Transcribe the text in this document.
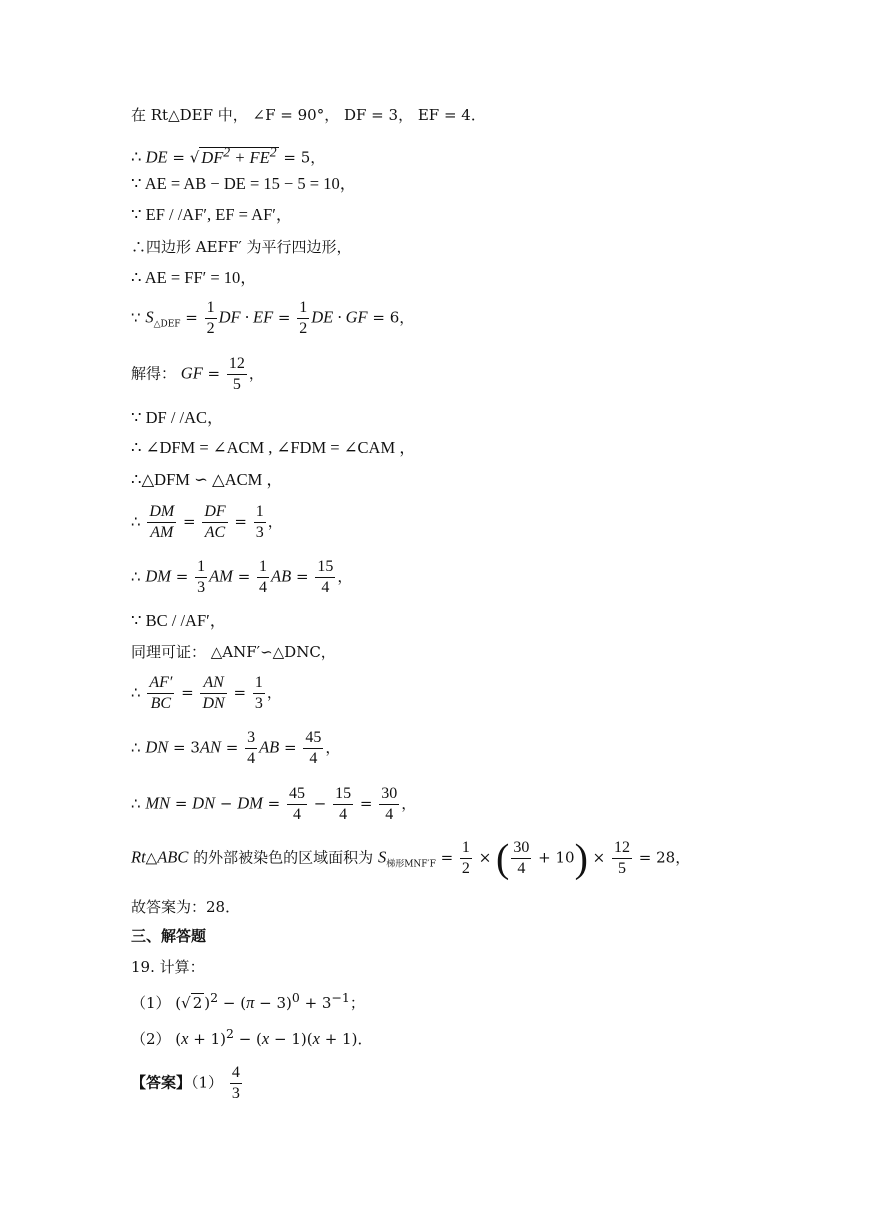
在 Rt△DEF 中， ∠F = 90°， DF = 3， EF = 4．
∴ DE = √ $DF^2 + FE^2 = 5$，
∵ AE = AB − DE = 15 − 5 = 10，
∵ EF / /AF′, EF = AF′，
∴四边形 AEFF′ 为平行四边形，
∴ AE = FF′ = 10，
∵ $S_{\triangle DEF} = \frac{1}{2}$ DF · EF = $\frac{1}{2}$ DE · GF = 6，
解得： GF = $\frac{12}{5}$ ，
∵ DF / /AC，
∴ ∠DFM = ∠ACM , ∠FDM = ∠CAM ，
∴△DFM ∽ △ACM ，
∴ $\frac{DM}{AM} = \frac{DF}{AC} = \frac{1}{3}$ ，
∴ DM = $\frac{1}{3}$ AM = $\frac{1}{4}$ AB = $\frac{15}{4}$ ，
∵ BC / /AF′，
同理可证： △ANF′∽△DNC，
∴ $\frac{AF'}{BC} = \frac{AN}{DN} = \frac{1}{3}$ ，
∴ DN = $3AN = \frac{3}{4}$ AB = $\frac{45}{4}$ ，
∴ MN = DN − DM = $\frac{45}{4} - \frac{15}{4} = \frac{30}{4}$ ，
Rt△ABC 的外部被染色的区域面积为 $S_{梯形MNF'F} = \frac{1}{2}$ × ( $\frac{30}{4} + 10) \times \frac{12}{5} = 28$，
故答案为：28．
三、解答题
19. 计算：
（1） (√ 2 )$^2 - (\pi - 3)^0 + 3^{-1}$；
（2） $(x + 1)^2 - (x - 1)(x + 1)$．
【答案】$(1) \frac{4}{3}$
